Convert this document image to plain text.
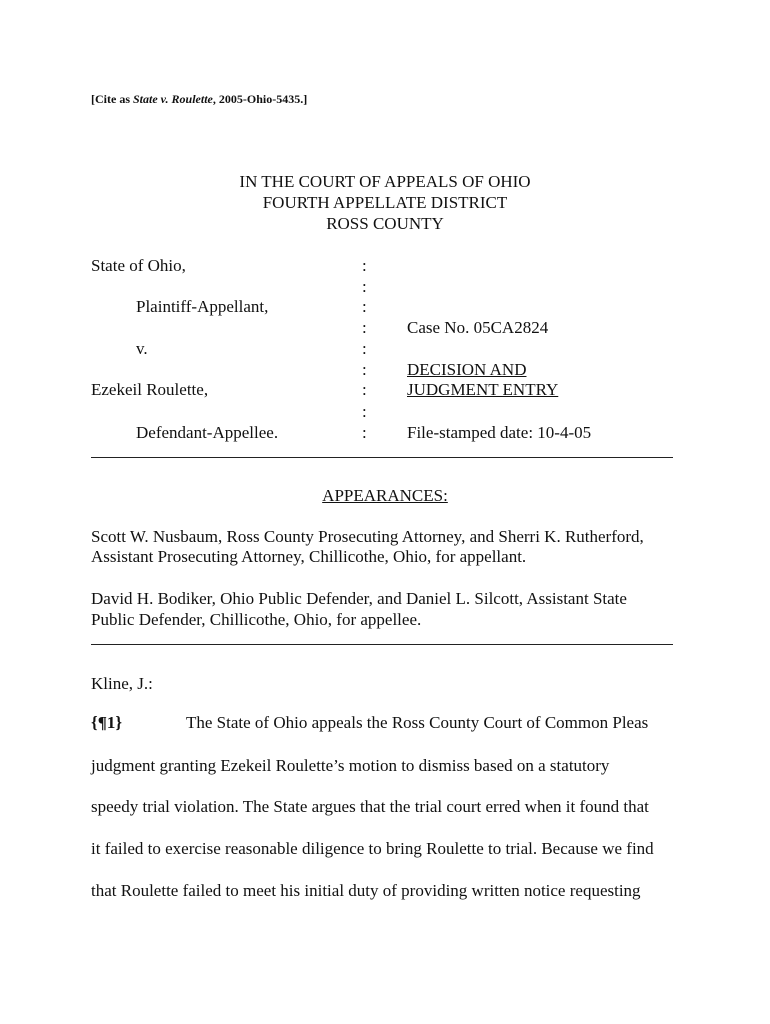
[Cite as State v. Roulette, 2005-Ohio-5435.]
IN THE COURT OF APPEALS OF OHIO
FOURTH APPELLATE DISTRICT
ROSS COUNTY
State of Ohio,
Plaintiff-Appellant,
v.
Ezekeil Roulette,
Defendant-Appellee.
:
:
:
:
:
:
:
:
:
Case No. 05CA2824
DECISION AND
JUDGMENT ENTRY
File-stamped date: 10-4-05
APPEARANCES:
Scott W. Nusbaum, Ross County Prosecuting Attorney, and Sherri K. Rutherford,
Assistant Prosecuting Attorney, Chillicothe, Ohio, for appellant.
David H. Bodiker, Ohio Public Defender, and Daniel L. Silcott, Assistant State
Public Defender, Chillicothe, Ohio, for appellee.
Kline, J.:
{¶1}	The State of Ohio appeals the Ross County Court of Common Pleas
judgment granting Ezekeil Roulette’s motion to dismiss based on a statutory
speedy trial violation. The State argues that the trial court erred when it found that
it failed to exercise reasonable diligence to bring Roulette to trial. Because we find
that Roulette failed to meet his initial duty of providing written notice requesting
